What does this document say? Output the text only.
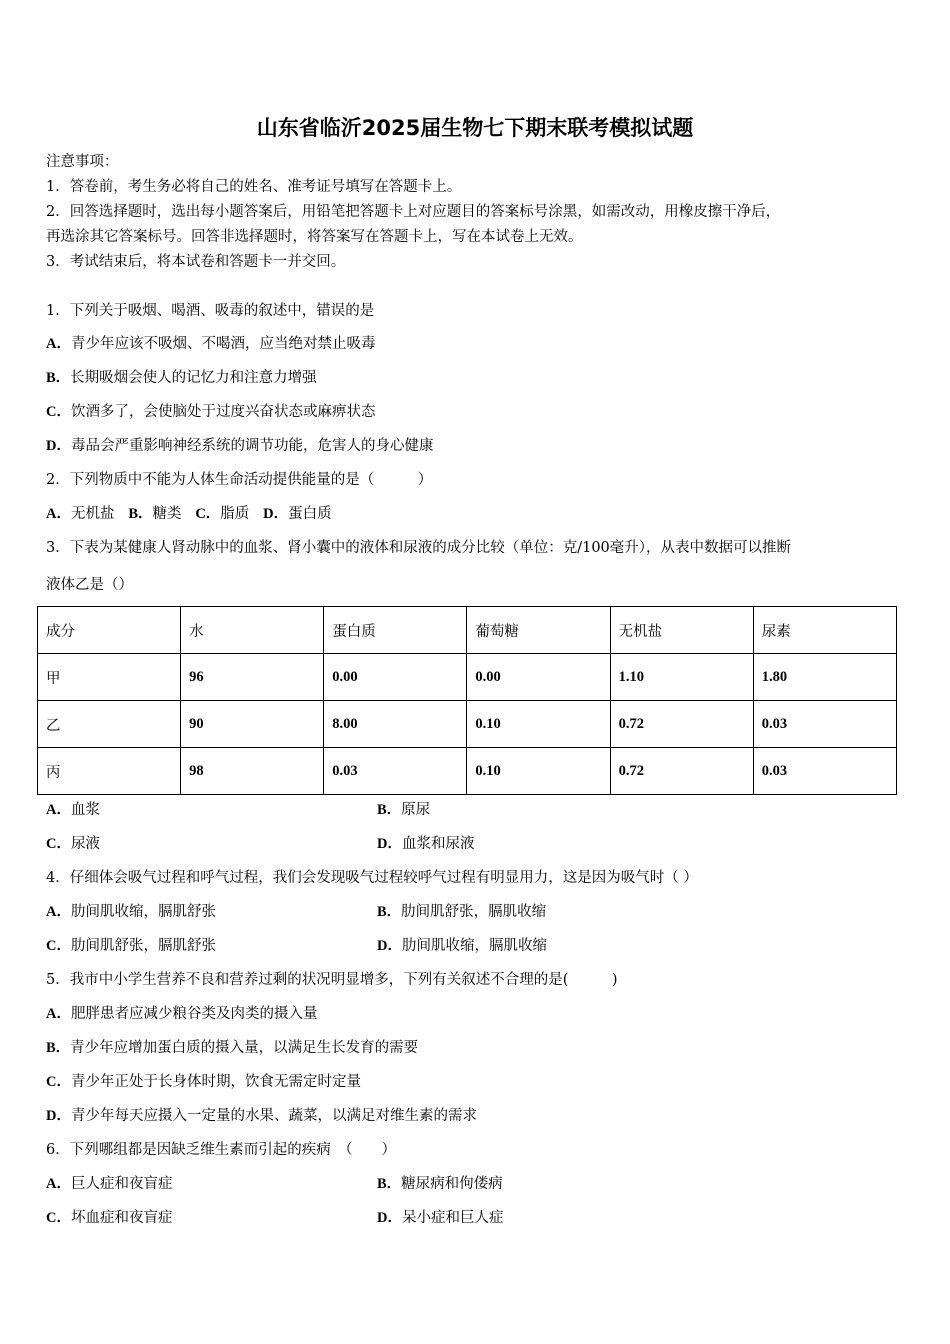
山东省临沂2025届生物七下期末联考模拟试题
注意事项：
1．答卷前，考生务必将自己的姓名、准考证号填写在答题卡上。
2．回答选择题时，选出每小题答案后，用铅笔把答题卡上对应题目的答案标号涂黑，如需改动，用橡皮擦干净后，
再选涂其它答案标号。回答非选择题时，将答案写在答题卡上，写在本试卷上无效。
3．考试结束后，将本试卷和答题卡一并交回。
1．下列关于吸烟、喝酒、吸毒的叙述中，错误的是
A．青少年应该不吸烟、不喝酒，应当绝对禁止吸毒
B．长期吸烟会使人的记忆力和注意力增强
C．饮酒多了，会使脑处于过度兴奋状态或麻痹状态
D．毒品会严重影响神经系统的调节功能，危害人的身心健康
2．下列物质中不能为人体生命活动提供能量的是（　　　）
A．无机盐 B．糖类 C．脂质 D．蛋白质
3．下表为某健康人肾动脉中的血浆、肾小囊中的液体和尿液的成分比较（单位：克/100毫升），从表中数据可以推断
液体乙是（）
成分	水	蛋白质	葡萄糖	无机盐	尿素
甲	96	0.00	0.00	1.10	1.80
乙	90	8.00	0.10	0.72	0.03
丙	98	0.03	0.10	0.72	0.03
A．血浆	B．原尿
C．尿液	D．血浆和尿液
4．仔细体会吸气过程和呼气过程，我们会发现吸气过程较呼气过程有明显用力，这是因为吸气时（ ）
A．肋间肌收缩，膈肌舒张	B．肋间肌舒张，膈肌收缩
C．肋间肌舒张，膈肌舒张	D．肋间肌收缩，膈肌收缩
5．我市中小学生营养不良和营养过剩的状况明显增多，下列有关叙述不合理的是(　　　)
A．肥胖患者应减少粮谷类及肉类的摄入量
B．青少年应增加蛋白质的摄入量，以满足生长发育的需要
C．青少年正处于长身体时期，饮食无需定时定量
D．青少年每天应摄入一定量的水果、蔬菜，以满足对维生素的需求
6．下列哪组都是因缺乏维生素而引起的疾病　（　　）
A．巨人症和夜盲症	B．糖尿病和佝偻病
C．坏血症和夜盲症	D．呆小症和巨人症
